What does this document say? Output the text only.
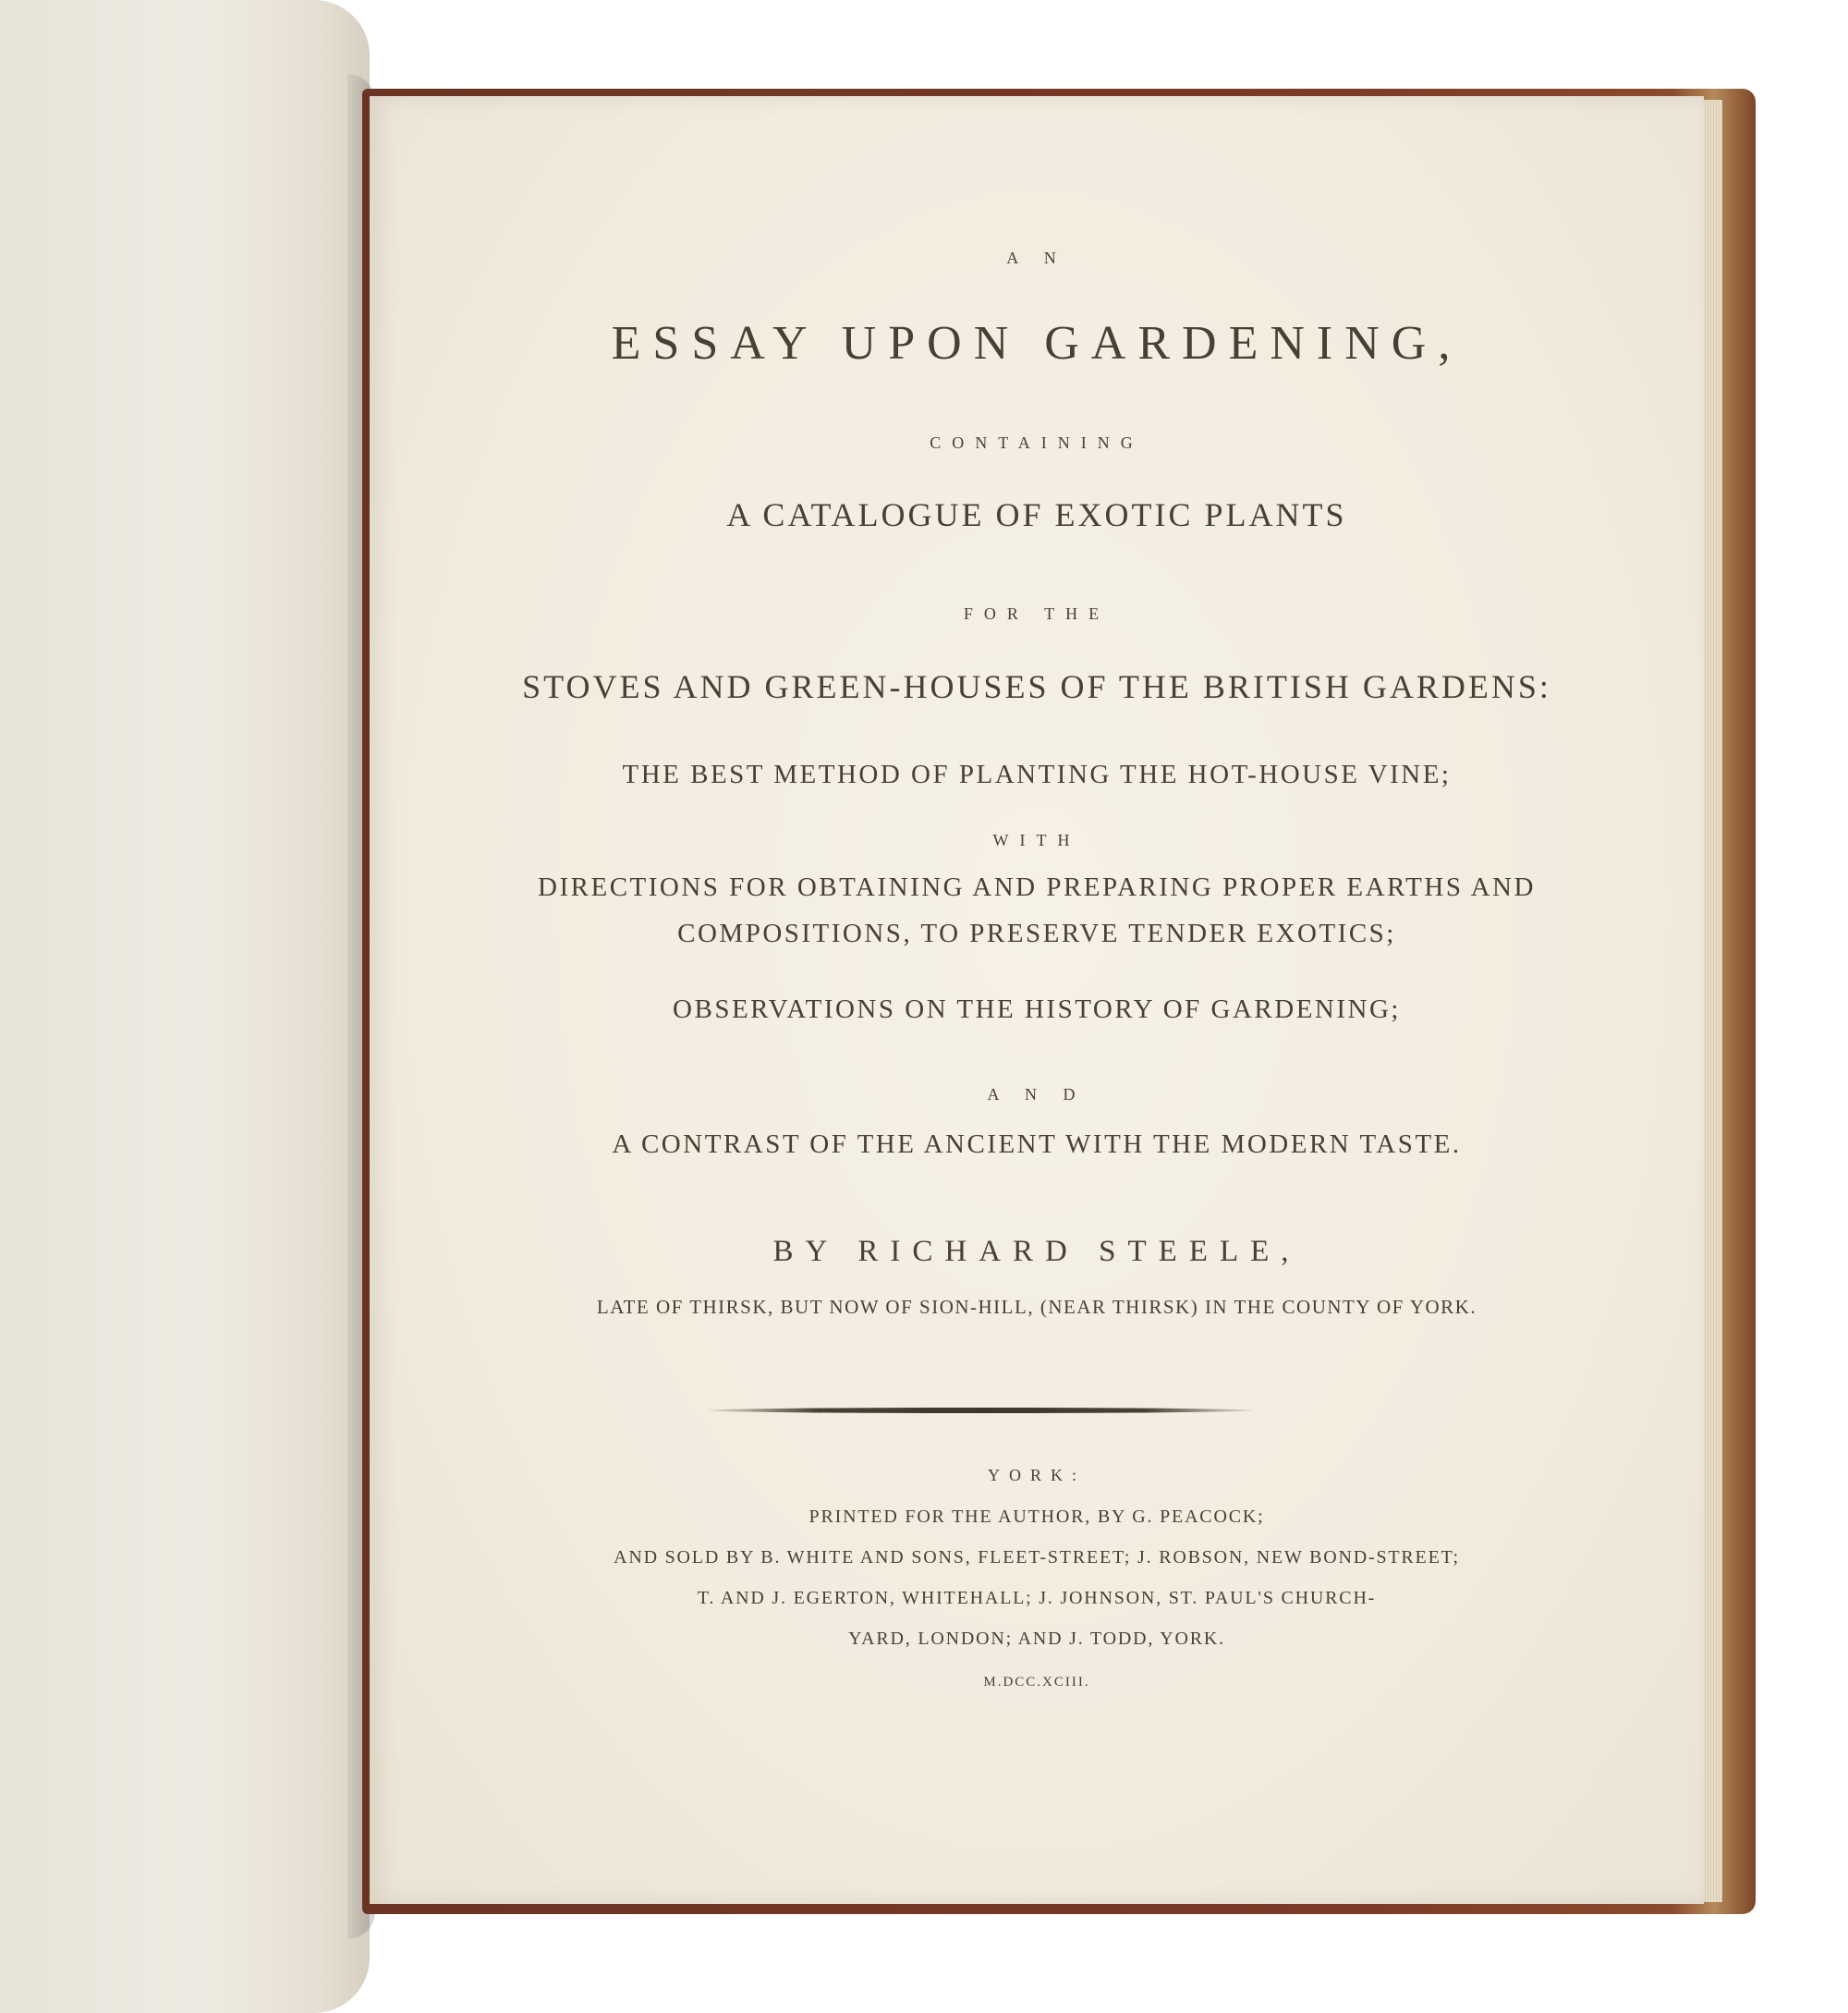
A N
ESSAY UPON GARDENING,
CONTAINING
A CATALOGUE OF EXOTIC PLANTS
FOR THE
STOVES AND GREEN-HOUSES OF THE BRITISH GARDENS:
THE BEST METHOD OF PLANTING THE HOT-HOUSE VINE;
WITH
DIRECTIONS FOR OBTAINING AND PREPARING PROPER EARTHS AND
COMPOSITIONS, TO PRESERVE TENDER EXOTICS;
OBSERVATIONS ON THE HISTORY OF GARDENING;
A N D
A CONTRAST OF THE ANCIENT WITH THE MODERN TASTE.
BY RICHARD STEELE,
LATE OF THIRSK, BUT NOW OF SION-HILL, (NEAR THIRSK) IN THE COUNTY OF YORK.
YORK:
PRINTED FOR THE AUTHOR, BY G. PEACOCK;
AND SOLD BY B. WHITE AND SONS, FLEET-STREET; J. ROBSON, NEW BOND-STREET;
T. AND J. EGERTON, WHITEHALL; J. JOHNSON, ST. PAUL'S CHURCH-
YARD, LONDON; AND J. TODD, YORK.
M.DCC.XCIII.
